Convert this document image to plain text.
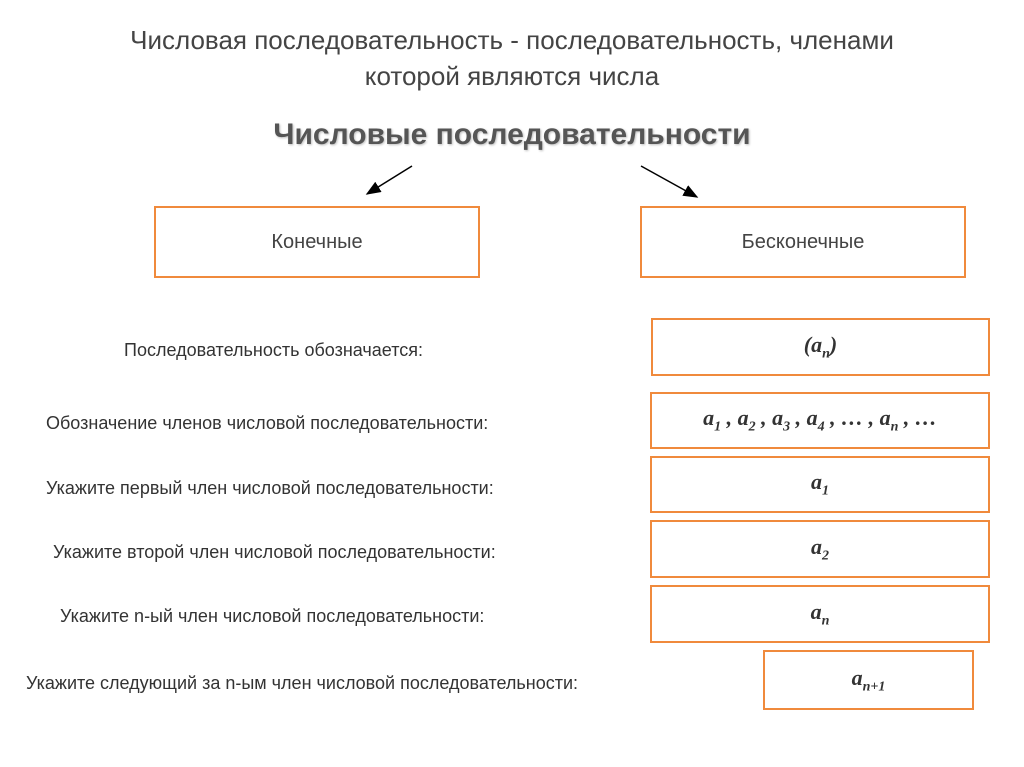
Числовая последовательность - последовательность, членами
которой являются числа
Числовые последовательности
Конечные	Бесконечные
Последовательность обозначается:	$(a_n)$
Обозначение членов числовой последовательности:	$a_1$ , $a_2$ , $a_3$ , $a_4$ , … , $a_n$ , …
Укажите первый член числовой последовательности:	$a_1$
Укажите второй член числовой последовательности:	$a_2$
Укажите n-ый член числовой последовательности:	$a_n$
Укажите следующий за n-ым член числовой последовательности:	$a_{n+1}$
